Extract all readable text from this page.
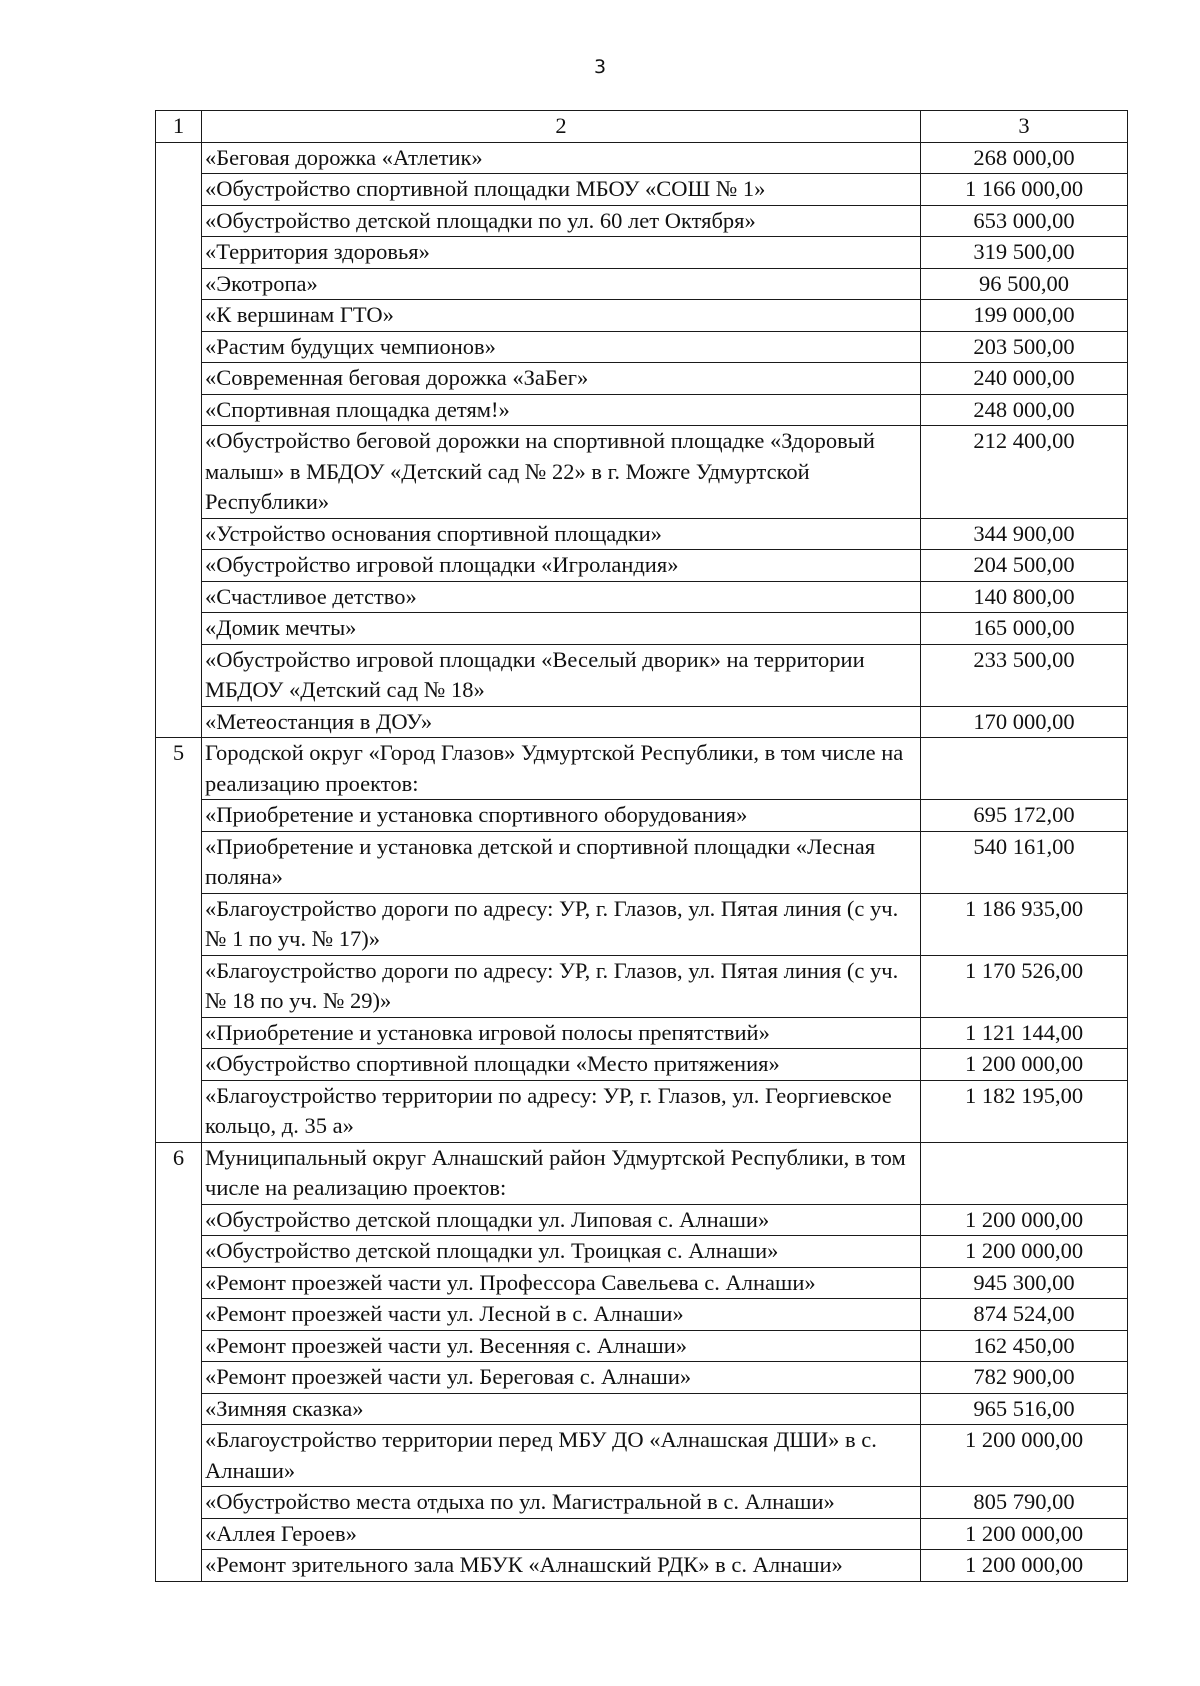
3
1	2	3
	«Беговая дорожка «Атлетик»	268 000,00
	«Обустройство спортивной площадки МБОУ «СОШ № 1»	1 166 000,00
	«Обустройство детской площадки по ул. 60 лет Октября»	653 000,00
	«Территория здоровья»	319 500,00
	«Экотропа»	96 500,00
	«К вершинам ГТО»	199 000,00
	«Растим будущих чемпионов»	203 500,00
	«Современная беговая дорожка «ЗаБег»	240 000,00
	«Спортивная площадка детям!»	248 000,00
	«Обустройство беговой дорожки на спортивной площадке «Здоровый малыш» в МБДОУ «Детский сад № 22» в г. Можге Удмуртской Республики»	212 400,00
	«Устройство основания спортивной площадки»	344 900,00
	«Обустройство игровой площадки «Игроландия»	204 500,00
	«Счастливое детство»	140 800,00
	«Домик мечты»	165 000,00
	«Обустройство игровой площадки «Веселый дворик» на территории МБДОУ «Детский сад № 18»	233 500,00
	«Метеостанция в ДОУ»	170 000,00
5	Городской округ «Город Глазов» Удмуртской Республики, в том числе на реализацию проектов:	
	«Приобретение и установка спортивного оборудования»	695 172,00
	«Приобретение и установка детской и спортивной площадки «Лесная поляна»	540 161,00
	«Благоустройство дороги по адресу: УР, г. Глазов, ул. Пятая линия (с уч. № 1 по уч. № 17)»	1 186 935,00
	«Благоустройство дороги по адресу: УР, г. Глазов, ул. Пятая линия (с уч. № 18 по уч. № 29)»	1 170 526,00
	«Приобретение и установка игровой полосы препятствий»	1 121 144,00
	«Обустройство спортивной площадки «Место притяжения»	1 200 000,00
	«Благоустройство территории по адресу: УР, г. Глазов, ул. Георгиевское кольцо, д. 35 а»	1 182 195,00
6	Муниципальный округ Алнашский район Удмуртской Республики, в том числе на реализацию проектов:	
	«Обустройство детской площадки ул. Липовая с. Алнаши»	1 200 000,00
	«Обустройство детской площадки ул. Троицкая с. Алнаши»	1 200 000,00
	«Ремонт проезжей части ул. Профессора Савельева с. Алнаши»	945 300,00
	«Ремонт проезжей части ул. Лесной в с. Алнаши»	874 524,00
	«Ремонт проезжей части ул. Весенняя с. Алнаши»	162 450,00
	«Ремонт проезжей части ул. Береговая с. Алнаши»	782 900,00
	«Зимняя сказка»	965 516,00
	«Благоустройство территории перед МБУ ДО «Алнашская ДШИ» в с. Алнаши»	1 200 000,00
	«Обустройство места отдыха по ул. Магистральной в с. Алнаши»	805 790,00
	«Аллея Героев»	1 200 000,00
	«Ремонт зрительного зала МБУК «Алнашский РДК» в с. Алнаши»	1 200 000,00
